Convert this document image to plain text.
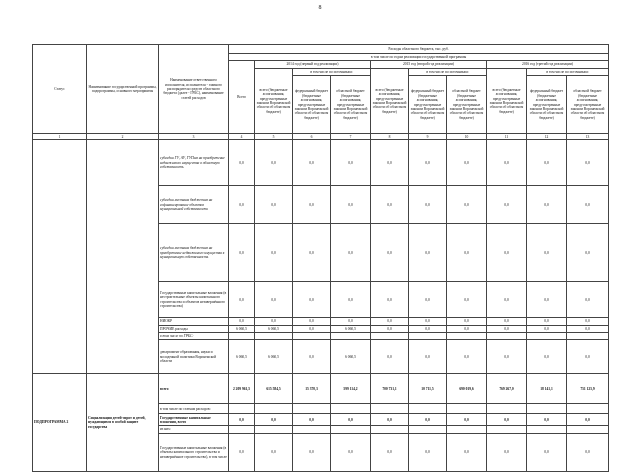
8
Статус	Наименование государственной программы, подпрограммы, основного мероприятия	Наименование ответственного исполнителя, исполнителя - главного распорядителя средств областного бюджета (далее - ГРБС), наименование статей расходов	Расходы областного бюджета, тыс. руб.									
			в том числе по годам реализации государственной программы									
			Всего	2014 год (первый год реализации)			2015 год (второй год реализации)			2016 год (третий год реализации)		
				всего (бюджетные ассигнования, предусмотренные законом Воронежской области об областном бюджете)	в том числе по источникам:		всего (бюджетные ассигнования, предусмотренные законом Воронежской области об областном бюджете)	в том числе по источникам:		всего (бюджетные ассигнования, предусмотренные законом Воронежской области об областном бюджете)	в том числе по источникам:	
					федеральный бюджет (бюджетные ассигнования, предусмотренные законом Воронежской области об областном бюджете)	областной бюджет (бюджетные ассигнования, предусмотренные законом Воронежской области об областном бюджете)		федеральный бюджет (бюджетные ассигнования, предусмотренные законом Воронежской области об областном бюджете)	областной бюджет (бюджетные ассигнования, предусмотренные законом Воронежской области об областном бюджете)		федеральный бюджет (бюджетные ассигнования, предусмотренные законом Воронежской области об областном бюджете)	областной бюджет (бюджетные ассигнования, предусмотренные законом Воронежской области об областном бюджете)
1	2	3	4	5	6	7	8	9	10	11	12	13
		субсидии ГУ, АУ, ГУПам на приобретение недвижимого имущества в областную собственность	0,0	0,0	0,0	0,0	0,0	0,0	0,0	0,0	0,0	0,0
		субсидии местным бюджетам на софинансирование объектов муниципальной собственности	0,0	0,0	0,0	0,0	0,0	0,0	0,0	0,0	0,0	0,0
		субсидии местным бюджетам на приобретение недвижимого имущества в муниципальную собственность	0,0	0,0	0,0	0,0	0,0	0,0	0,0	0,0	0,0	0,0
		Государственные капитальные вложения (в нестроительные объекты капитального строительства и объектов незавершённого строительства)	0,0	0,0	0,0	0,0	0,0	0,0	0,0	0,0	0,0	0,0
		НИОКР	0,0	0,0	0,0	0,0	0,0	0,0	0,0	0,0	0,0	0,0
		ПРОЧИЕ расходы	6 060,5	6 060,5	0,0	6 060,5	0,0	0,0	0,0	0,0	0,0	0,0
		в том числе по ГРБС:										
		департамент образования, науки и молодежной политики Воронежской области	6 060,5	6 060,5	0,0	6 060,5	0,0	0,0	0,0	0,0	0,0	0,0
ПОДПРОГРАММА 2	Социализация детей-сирот и детей, нуждающихся в особой защите государства	всего	2 209 961,5	615 584,5	15 370,3	599 114,2	700 731,1	10 711,5	690 019,6	769 267,0	18 141,1	751 125,9
		в том числе по статьям расходов:										
		Государственные капитальные вложения, всего	0,0	0,0	0,0	0,0	0,0	0,0	0,0	0,0	0,0	0,0
		из них:										
		Государственные капитальные вложения (в объекты капитального строительства и незавершённое строительство), в том числе	0,0	0,0	0,0	0,0	0,0	0,0	0,0	0,0	0,0	0,0
